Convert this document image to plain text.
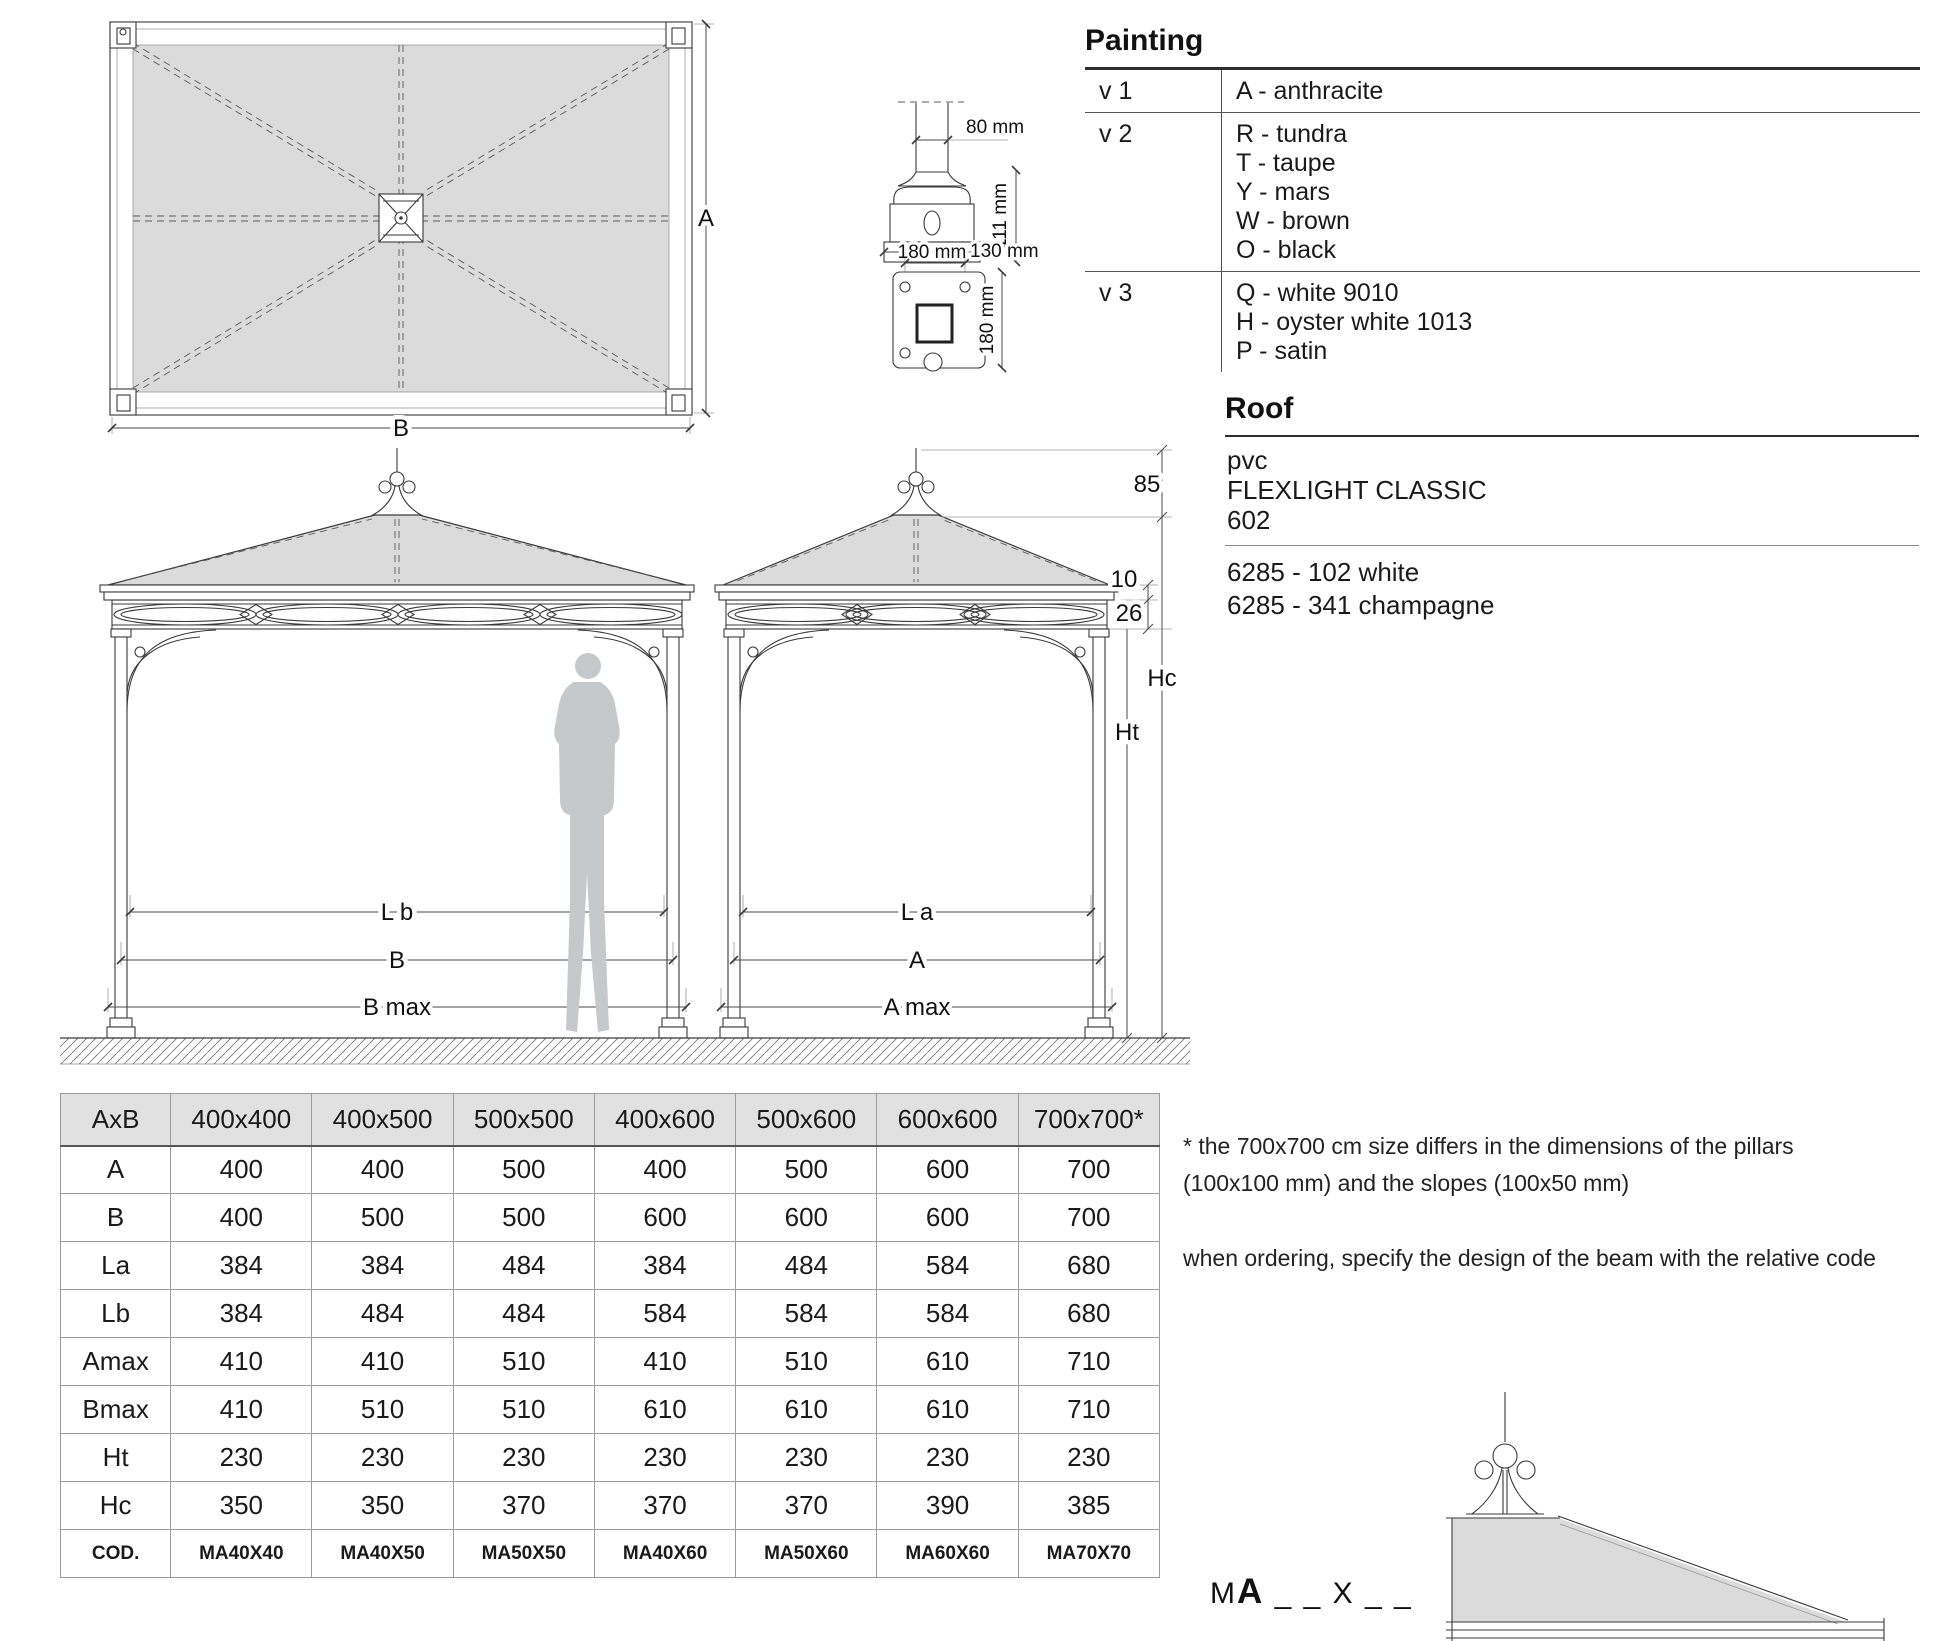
A
B
80 mm
111 mm
180 mm 130 mm
180 mm
L b
B
B max
L a
A
A max
85
10
26
Hc
Ht
Painting
v 1	A - anthracite
v 2	R - tundra
T - taupe
Y - mars
W - brown
O - black
v 3	Q - white 9010
H - oyster white 1013
P - satin
Roof
pvc
FLEXLIGHT CLASSIC
602
6285 - 102 white
6285 - 341 champagne
AxB	400x400	400x500	500x500	400x600	500x600	600x600	700x700*
A	400	400	500	400	500	600	700
B	400	500	500	600	600	600	700
La	384	384	484	384	484	584	680
Lb	384	484	484	584	584	584	680
Amax	410	410	510	410	510	610	710
Bmax	410	510	510	610	610	610	710
Ht	230	230	230	230	230	230	230
Hc	350	350	370	370	370	390	385
COD.	MA40X40	MA40X50	MA50X50	MA40X60	MA50X60	MA60X60	MA70X70
* the 700x700 cm size differs in the dimensions of the pillars (100x100 mm) and the slopes (100x50 mm)
when ordering, specify the design of the beam with the relative code
MA _ _ X _ _
